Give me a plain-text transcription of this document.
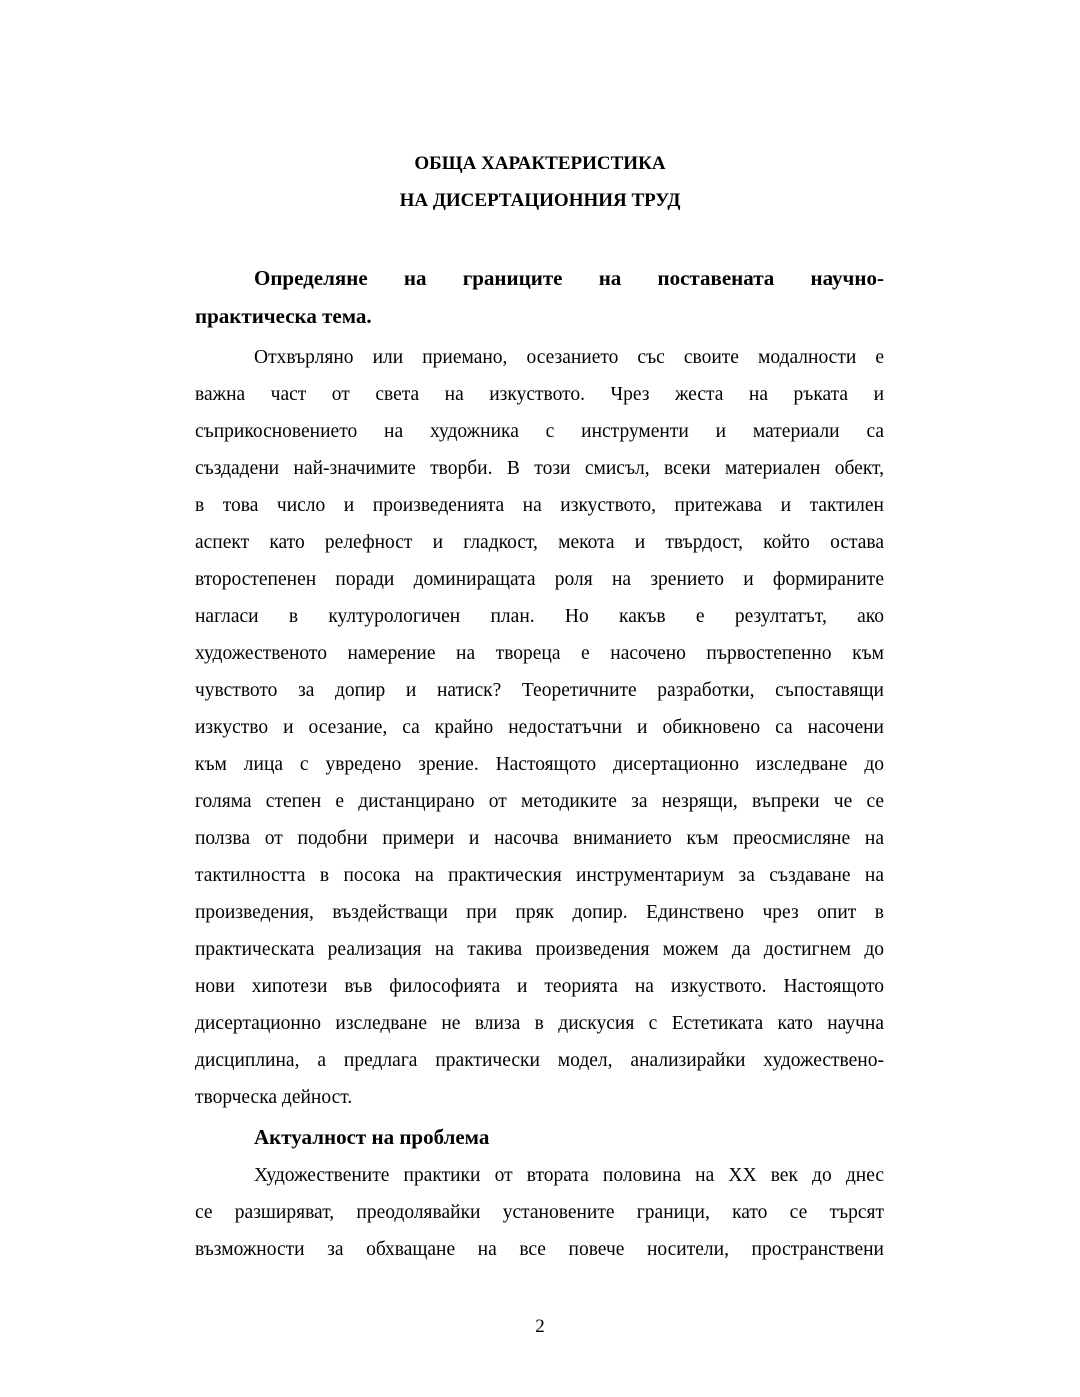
ОБЩА ХАРАКТЕРИСТИКА
НА ДИСЕРТАЦИОННИЯ ТРУД
Определяне на границите на поставената научно-
практическа тема.
Отхвърляно или приемано, осезанието със своите модалности е
важна част от света на изкуството. Чрез жеста на ръката и
съприкосновението на художника с инструменти и материали са
създадени най-значимите творби. В този смисъл, всеки материален обект,
в това число и произведенията на изкуството, притежава и тактилен
аспект като релефност и гладкост, мекота и твърдост, който остава
второстепенен поради доминиращата роля на зрението и формираните
нагласи в културологичен план. Но какъв е резултатът, ако
художественото намерение на твореца е насочено първостепенно към
чувството за допир и натиск? Теоретичните разработки, съпоставящи
изкуство и осезание, са крайно недостатъчни и обикновено са насочени
към лица с увредено зрение. Настоящото дисертационно изследване до
голяма степен е дистанцирано от методиките за незрящи, въпреки че се
ползва от подобни примери и насочва вниманието към преосмисляне на
тактилността в посока на практическия инструментариум за създаване на
произведения, въздействащи при пряк допир. Единствено чрез опит в
практическата реализация на такива произведения можем да достигнем до
нови хипотези във философията и теорията на изкуството. Настоящото
дисертационно изследване не влиза в дискусия с Естетиката като научна
дисциплина, а предлага практически модел, анализирайки художествено-
творческа дейност.
Актуалност на проблема
Художествените практики от втората половина на ХХ век до днес
се разширяват, преодолявайки установените граници, като се търсят
възможности за обхващане на все повече носители, пространствени
2
